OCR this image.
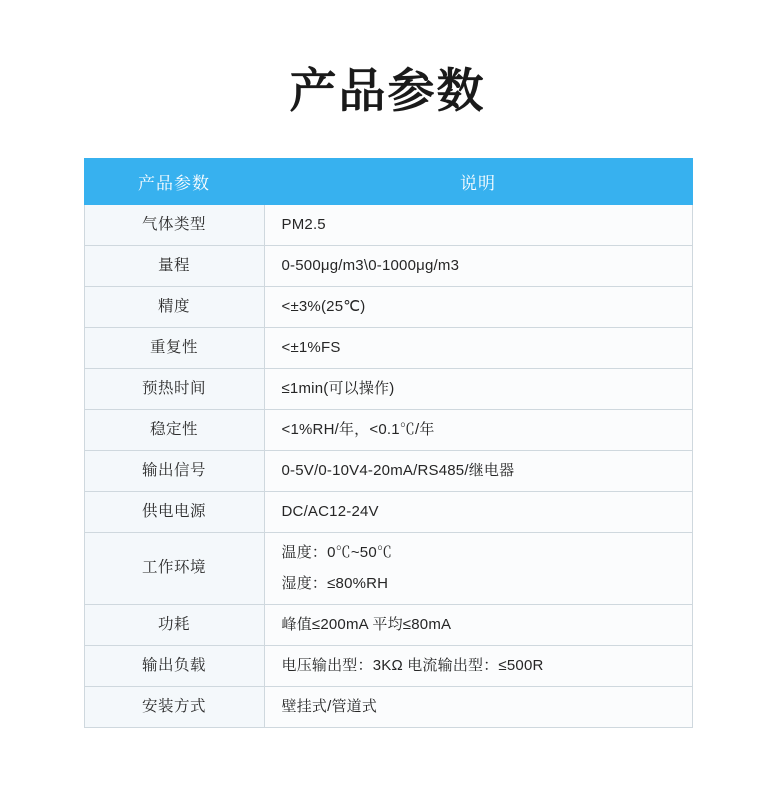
产品参数
产品参数	说明
气体类型	PM2.5
量程	0-500μg/m3\0-1000μg/m3
精度	<±3%(25℃)
重复性	<±1%FS
预热时间	≤1min(可以操作)
稳定性	<1%RH/年，<0.1℃/年
输出信号	0-5V/0-10V4-20mA/RS485/继电器
供电电源	DC/AC12-24V
工作环境	温度：0℃~50℃
湿度：≤80%RH

功耗	峰值≤200mA 平均≤80mA
输出负载	电压输出型：3KΩ 电流输出型：≤500R
安装方式	壁挂式/管道式
